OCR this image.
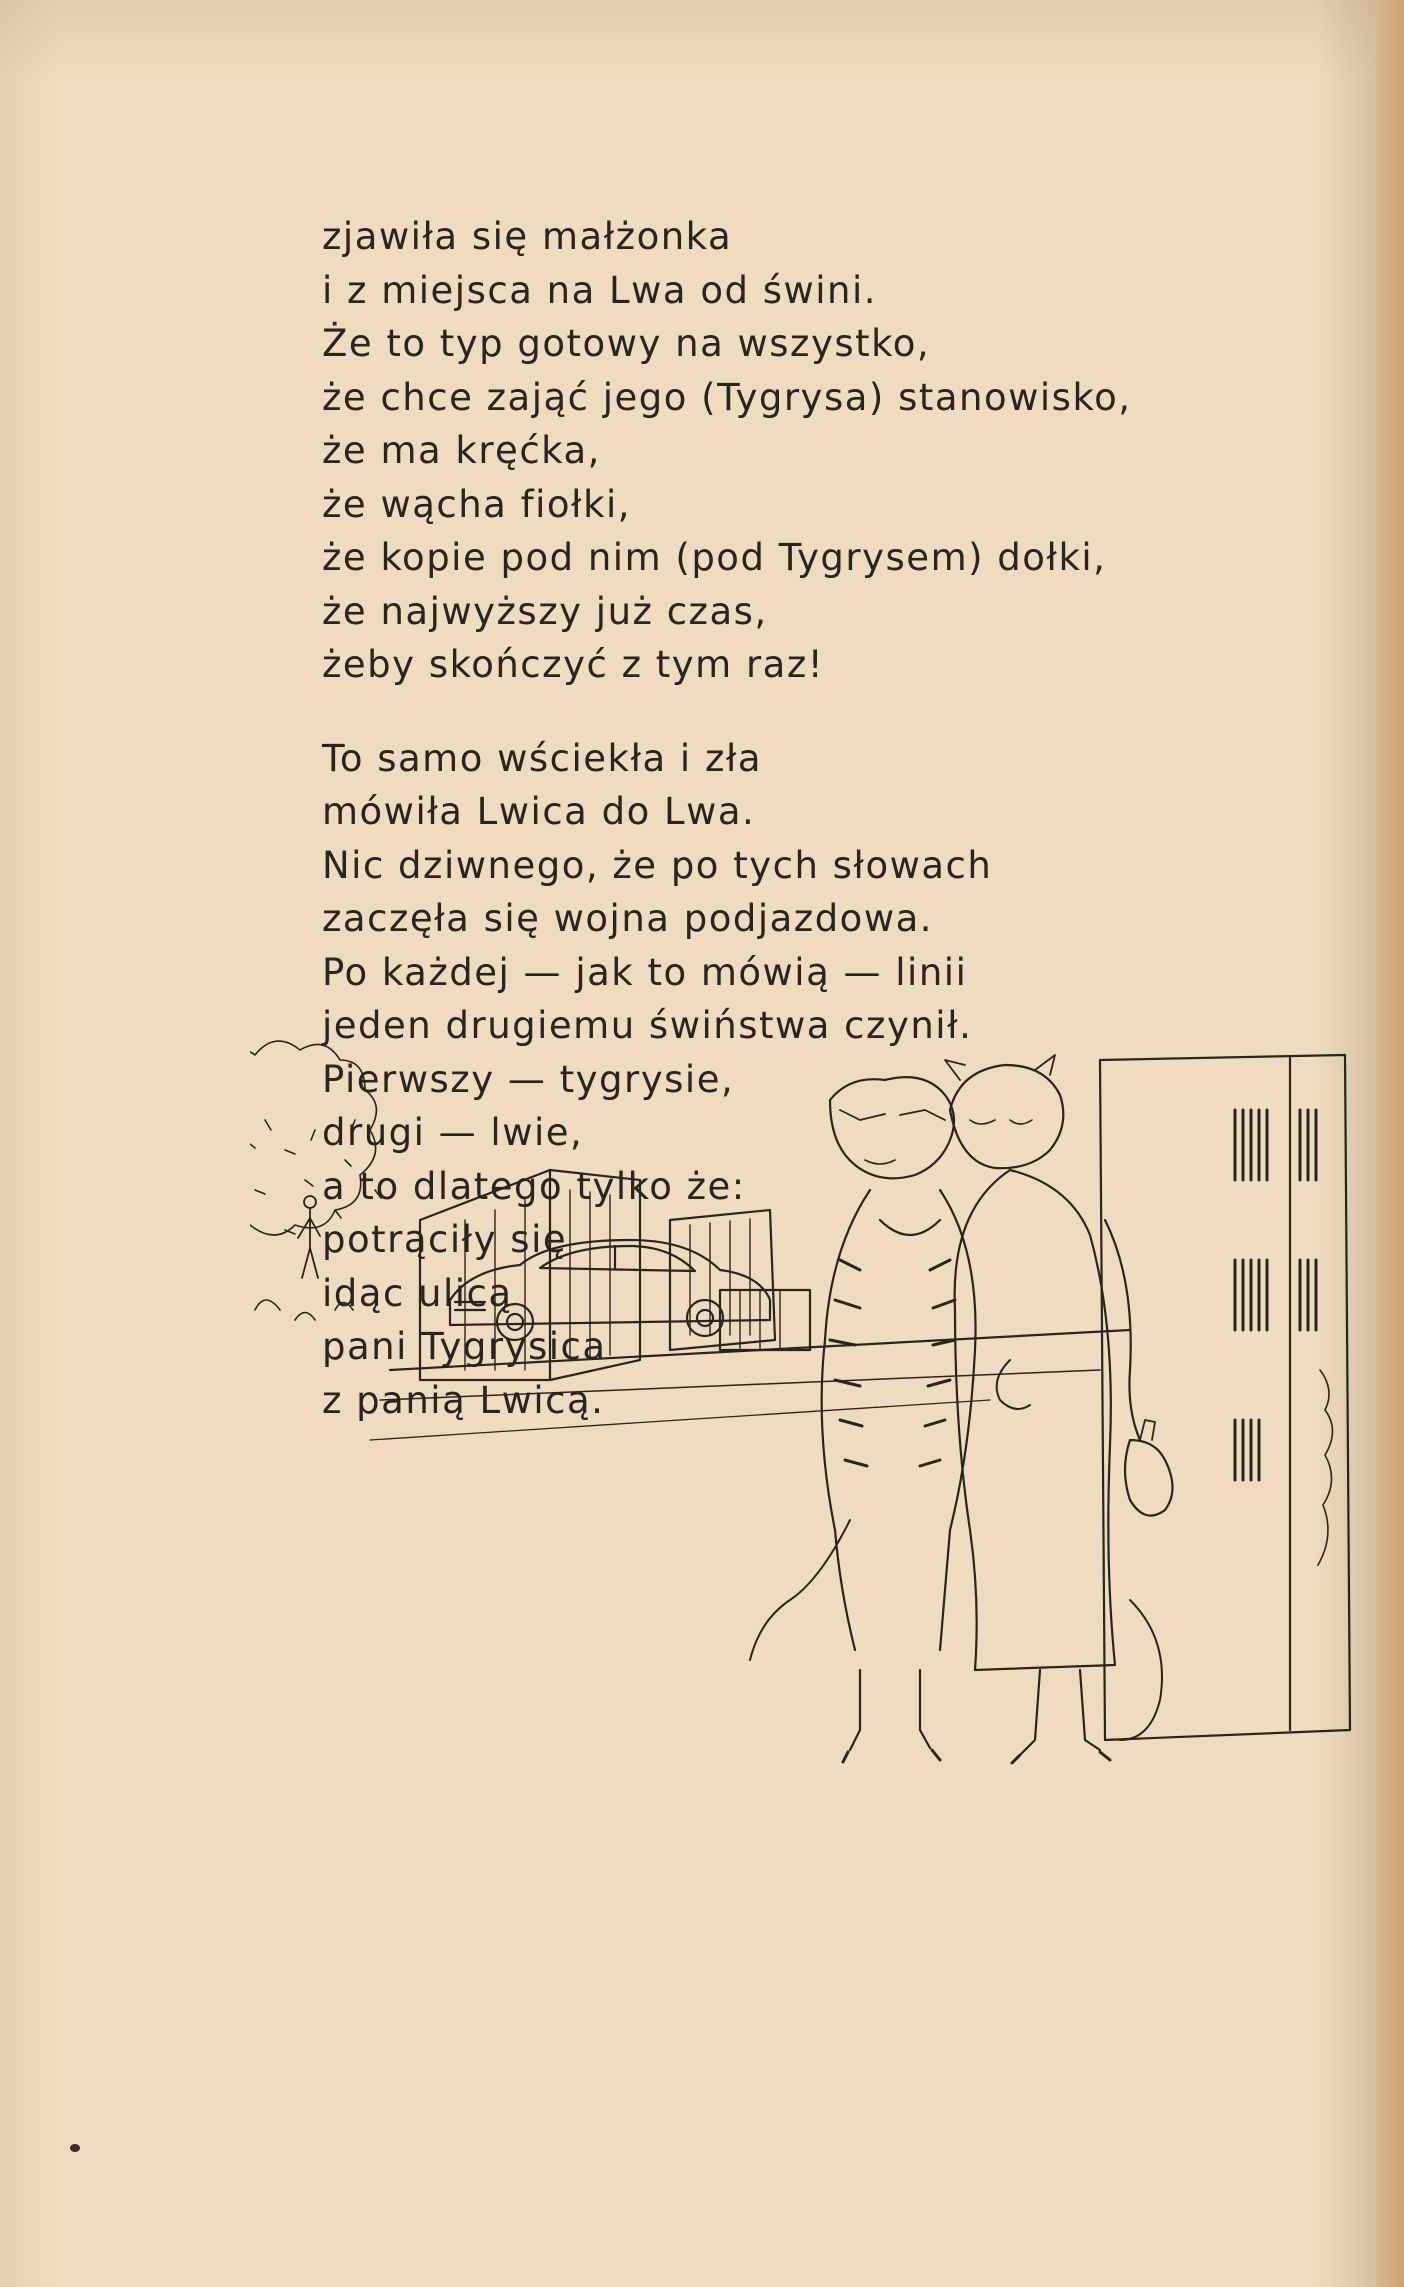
zjawiła się małżonka
i z miejsca na Lwa od świni.
Że to typ gotowy na wszystko,
że chce zająć jego (Tygrysa) stanowisko,
że ma kręćka,
że wącha fiołki,
że kopie pod nim (pod Tygrysem) dołki,
że najwyższy już czas,
żeby skończyć z tym raz!
To samo wściekła i zła
mówiła Lwica do Lwa.
Nic dziwnego, że po tych słowach
zaczęła się wojna podjazdowa.
Po każdej — jak to mówią — linii
jeden drugiemu świństwa czynił.
Pierwszy — tygrysie,
drugi — lwie,
a to dlatego tylko że:
potrąciły się
idąc ulicą
pani Tygrysica
z panią Lwicą.
